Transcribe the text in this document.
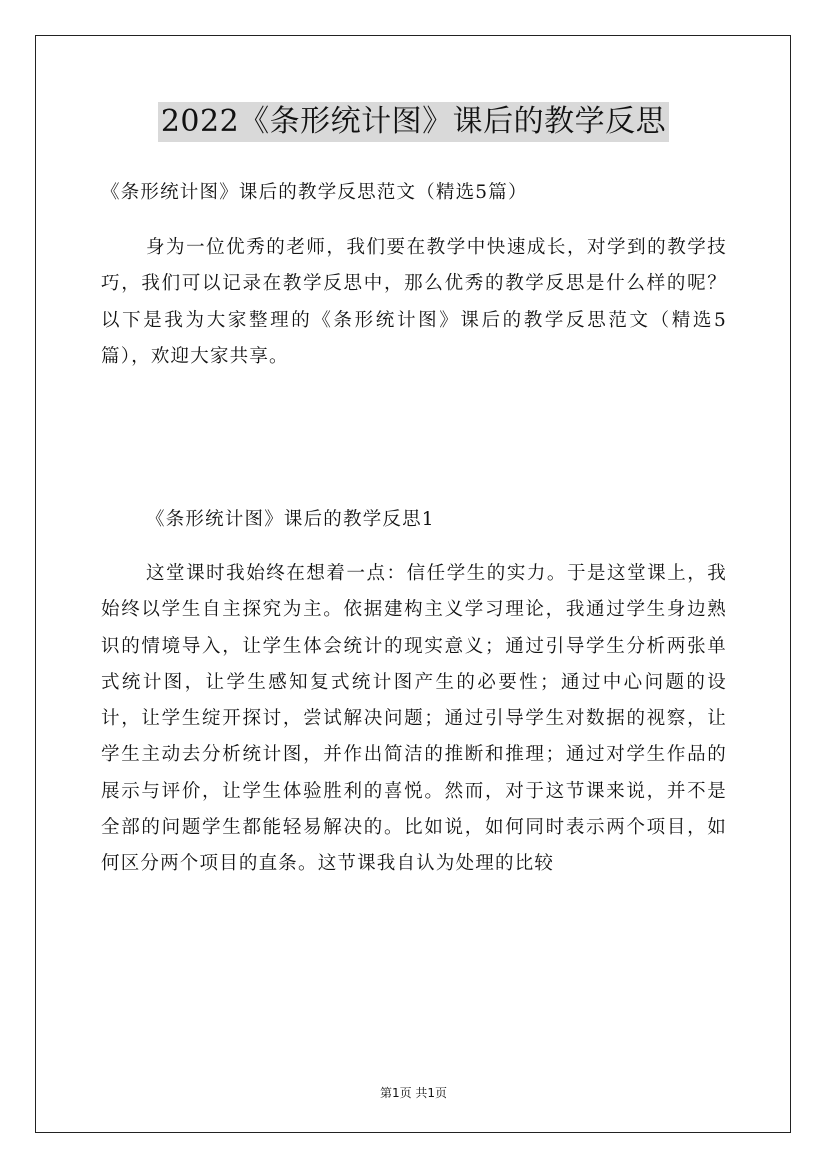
2022《条形统计图》课后的教学反思
《条形统计图》课后的教学反思范文（精选5篇）
身为一位优秀的老师，我们要在教学中快速成长，对学到的教学技巧，我们可以记录在教学反思中，那么优秀的教学反思是什么样的呢？以下是我为大家整理的《条形统计图》课后的教学反思范文（精选5篇），欢迎大家共享。
《条形统计图》课后的教学反思1
这堂课时我始终在想着一点：信任学生的实力。于是这堂课上，我始终以学生自主探究为主。依据建构主义学习理论，我通过学生身边熟识的情境导入，让学生体会统计的现实意义；通过引导学生分析两张单式统计图，让学生感知复式统计图产生的必要性；通过中心问题的设计，让学生绽开探讨，尝试解决问题；通过引导学生对数据的视察，让学生主动去分析统计图，并作出简洁的推断和推理；通过对学生作品的展示与评价，让学生体验胜利的喜悦。然而，对于这节课来说，并不是全部的问题学生都能轻易解决的。比如说，如何同时表示两个项目，如何区分两个项目的直条。这节课我自认为处理的比较
第1页 共1页
